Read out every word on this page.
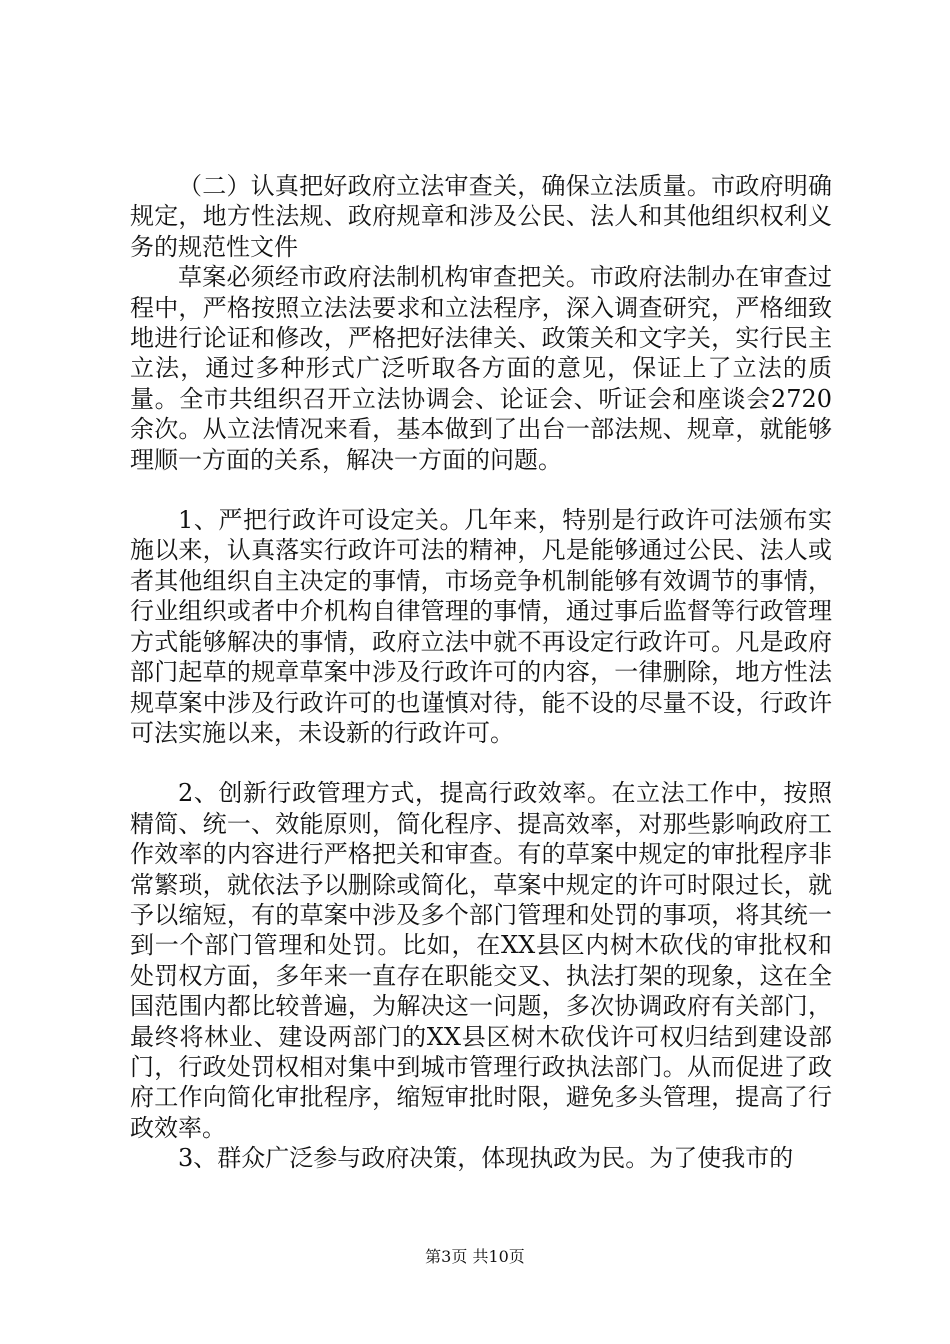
（二）认真把好政府立法审查关，确保立法质量。市政府明确规定，地方性法规、政府规章和涉及公民、法人和其他组织权利义务的规范性文件

草案必须经市政府法制机构审查把关。市政府法制办在审查过程中，严格按照立法法要求和立法程序，深入调查研究，严格细致地进行论证和修改，严格把好法律关、政策关和文字关，实行民主立法，通过多种形式广泛听取各方面的意见，保证上了立法的质量。全市共组织召开立法协调会、论证会、听证会和座谈会2720余次。从立法情况来看，基本做到了出台一部法规、规章，就能够理顺一方面的关系，解决一方面的问题。

1、严把行政许可设定关。几年来，特别是行政许可法颁布实施以来，认真落实行政许可法的精神，凡是能够通过公民、法人或者其他组织自主决定的事情，市场竞争机制能够有效调节的事情，行业组织或者中介机构自律管理的事情，通过事后监督等行政管理方式能够解决的事情，政府立法中就不再设定行政许可。凡是政府部门起草的规章草案中涉及行政许可的内容，一律删除，地方性法规草案中涉及行政许可的也谨慎对待，能不设的尽量不设，行政许可法实施以来，未设新的行政许可。

2、创新行政管理方式，提高行政效率。在立法工作中，按照精简、统一、效能原则，简化程序、提高效率，对那些影响政府工作效率的内容进行严格把关和审查。有的草案中规定的审批程序非常繁琐，就依法予以删除或简化，草案中规定的许可时限过长，就予以缩短，有的草案中涉及多个部门管理和处罚的事项，将其统一到一个部门管理和处罚。比如，在XX县区内树木砍伐的审批权和处罚权方面，多年来一直存在职能交叉、执法打架的现象，这在全国范围内都比较普遍，为解决这一问题，多次协调政府有关部门，最终将林业、建设两部门的XX县区树木砍伐许可权归结到建设部门，行政处罚权相对集中到城市管理行政执法部门。从而促进了政府工作向简化审批程序，缩短审批时限，避免多头管理，提高了行政效率。

3、群众广泛参与政府决策，体现执政为民。为了使我市的

第3页 共10页
